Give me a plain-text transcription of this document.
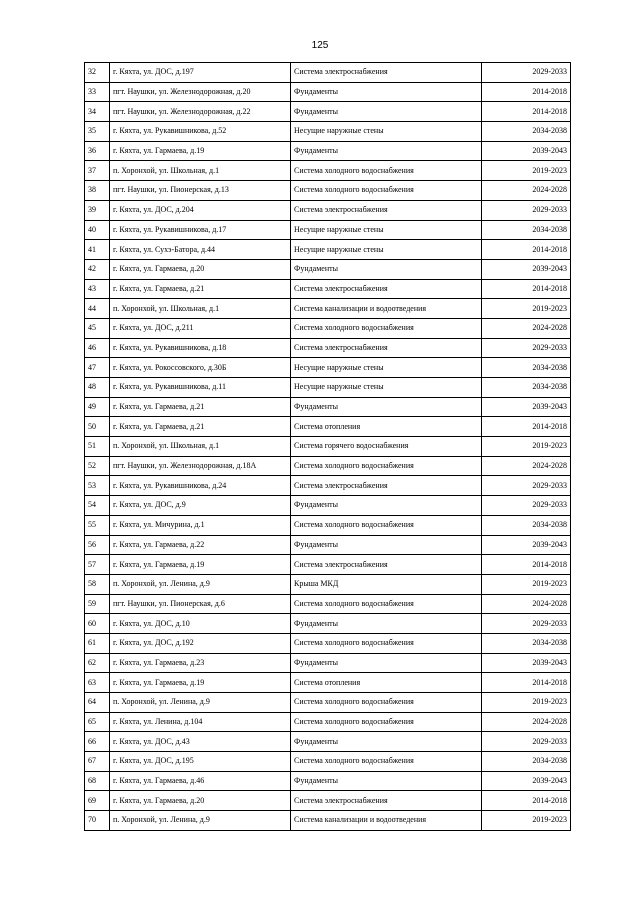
125
32	г. Кяхта, ул. ДОС, д.197	Система электроснабжения	2029-2033
33	пгт. Наушки, ул. Железнодорожная, д.20	Фундаменты	2014-2018
34	пгт. Наушки, ул. Железнодорожная, д.22	Фундаменты	2014-2018
35	г. Кяхта, ул. Рукавишникова, д.52	Несущие наружные стены	2034-2038
36	г. Кяхта, ул. Гармаева, д.19	Фундаменты	2039-2043
37	п. Хоронхой, ул. Школьная, д.1	Система холодного водоснабжения	2019-2023
38	пгт. Наушки, ул. Пионерская, д.13	Система холодного водоснабжения	2024-2028
39	г. Кяхта, ул. ДОС, д.204	Система электроснабжения	2029-2033
40	г. Кяхта, ул. Рукавишникова, д.17	Несущие наружные стены	2034-2038
41	г. Кяхта, ул. Сухэ-Батора, д.44	Несущие наружные стены	2014-2018
42	г. Кяхта, ул. Гармаева, д.20	Фундаменты	2039-2043
43	г. Кяхта, ул. Гармаева, д.21	Система электроснабжения	2014-2018
44	п. Хоронхой, ул. Школьная, д.1	Система канализации и водоотведения	2019-2023
45	г. Кяхта, ул. ДОС, д.211	Система холодного водоснабжения	2024-2028
46	г. Кяхта, ул. Рукавишникова, д.18	Система электроснабжения	2029-2033
47	г. Кяхта, ул. Рокоссовского, д.30Б	Несущие наружные стены	2034-2038
48	г. Кяхта, ул. Рукавишникова, д.11	Несущие наружные стены	2034-2038
49	г. Кяхта, ул. Гармаева, д.21	Фундаменты	2039-2043
50	г. Кяхта, ул. Гармаева, д.21	Система отопления	2014-2018
51	п. Хоронхой, ул. Школьная, д.1	Система горячего водоснабжения	2019-2023
52	пгт. Наушки, ул. Железнодорожная, д.18А	Система холодного водоснабжения	2024-2028
53	г. Кяхта, ул. Рукавишникова, д.24	Система электроснабжения	2029-2033
54	г. Кяхта, ул. ДОС, д.9	Фундаменты	2029-2033
55	г. Кяхта, ул. Мичурина, д.1	Система холодного водоснабжения	2034-2038
56	г. Кяхта, ул. Гармаева, д.22	Фундаменты	2039-2043
57	г. Кяхта, ул. Гармаева, д.19	Система электроснабжения	2014-2018
58	п. Хоронхой, ул. Ленина, д.9	Крыша МКД	2019-2023
59	пгт. Наушки, ул. Пионерская, д.6	Система холодного водоснабжения	2024-2028
60	г. Кяхта, ул. ДОС, д.10	Фундаменты	2029-2033
61	г. Кяхта, ул. ДОС, д.192	Система холодного водоснабжения	2034-2038
62	г. Кяхта, ул. Гармаева, д.23	Фундаменты	2039-2043
63	г. Кяхта, ул. Гармаева, д.19	Система отопления	2014-2018
64	п. Хоронхой, ул. Ленина, д.9	Система холодного водоснабжения	2019-2023
65	г. Кяхта, ул. Ленина, д.104	Система холодного водоснабжения	2024-2028
66	г. Кяхта, ул. ДОС, д.43	Фундаменты	2029-2033
67	г. Кяхта, ул. ДОС, д.195	Система холодного водоснабжения	2034-2038
68	г. Кяхта, ул. Гармаева, д.46	Фундаменты	2039-2043
69	г. Кяхта, ул. Гармаева, д.20	Система электроснабжения	2014-2018
70	п. Хоронхой, ул. Ленина, д.9	Система канализации и водоотведения	2019-2023
